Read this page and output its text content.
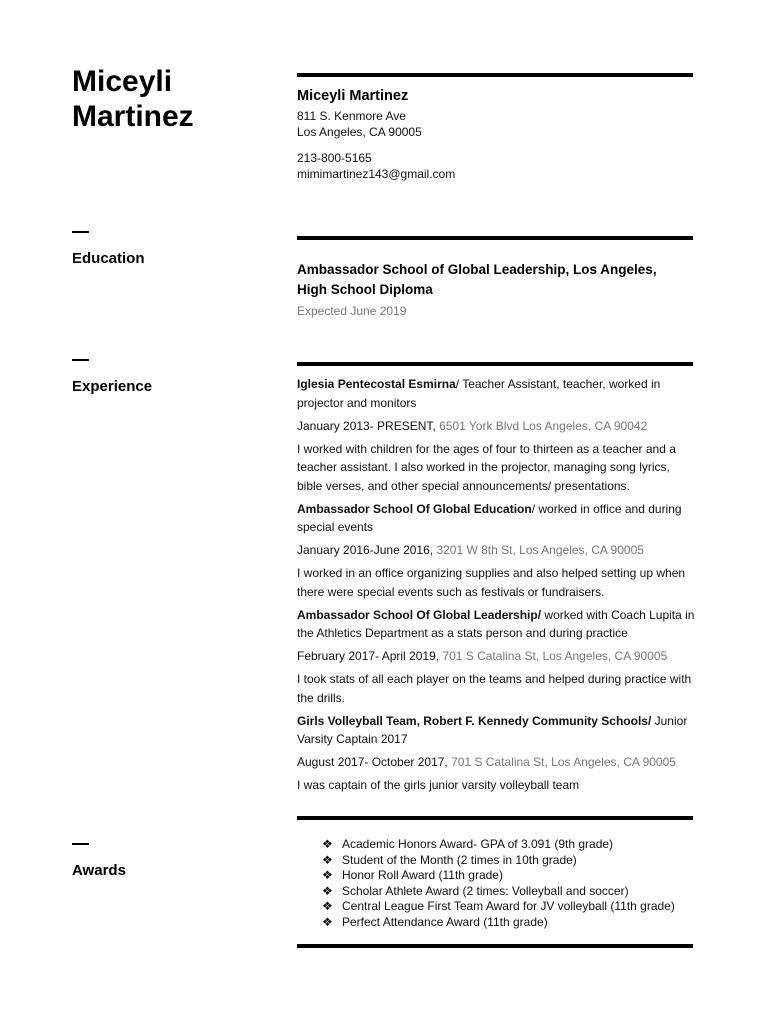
Miceyli
Martinez
Education
Experience
Awards
Miceyli Martinez
811 S. Kenmore Ave
Los Angeles, CA 90005
213-800-5165
mimimartinez143@gmail.com
Ambassador School of Global Leadership, Los Angeles,
High School Diploma
Expected June 2019

Iglesia Pentecostal Esmirna/ Teacher Assistant, teacher, worked in projector and monitors

January 2013- PRESENT, 6501 York Blvd Los Angeles, CA 90042

I worked with children for the ages of four to thirteen as a teacher and a teacher assistant. I also worked in the projector, managing song lyrics, bible verses, and other special announcements/ presentations.

Ambassador School Of Global Education/ worked in office and during special events

January 2016-June 2016, 3201 W 8th St, Los Angeles, CA 90005

I worked in an office organizing supplies and also helped setting up when there were special events such as festivals or fundraisers.

Ambassador School Of Global Leadership/ worked with Coach Lupita in the Athletics Department as a stats person and during practice

February 2017- April 2019, 701 S Catalina St, Los Angeles, CA 90005

I took stats of all each player on the teams and helped during practice with the drills.

Girls Volleyball Team, Robert F. Kennedy Community Schools/ Junior Varsity Captain 2017

August 2017- October 2017, 701 S Catalina St, Los Angeles, CA 90005

I was captain of the girls junior varsity volleyball team

❖ Academic Honors Award- GPA of 3.091 (9th grade)
❖ Student of the Month (2 times in 10th grade)
❖ Honor Roll Award (11th grade)
❖ Scholar Athlete Award (2 times: Volleyball and soccer)
❖ Central League First Team Award for JV volleyball (11th grade)
❖ Perfect Attendance Award (11th grade)
